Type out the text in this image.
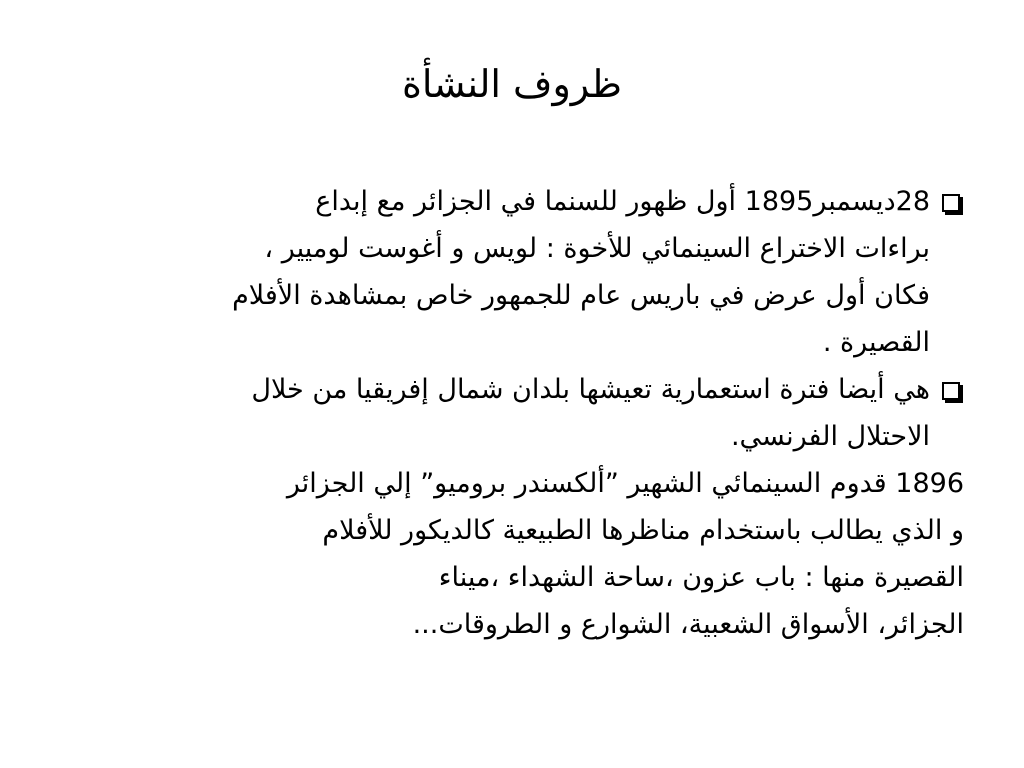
ظروف النشأة
28ديسمبر1895 أول ظهور للسنما في الجزائر مع إبداع
براءات الاختراع السينمائي للأخوة : لويس و أغوست لوميير ،
فكان أول عرض في باريس عام للجمهور خاص بمشاهدة الأفلام
القصيرة .
هي أيضا فترة استعمارية تعيشها بلدان شمال إفريقيا من خلال
الاحتلال الفرنسي.
1896 قدوم السينمائي الشهير ”ألكسندر بروميو” إلي الجزائر
و الذي يطالب باستخدام مناظرها الطبيعية كالديكور للأفلام
القصيرة منها : باب عزون ،ساحة الشهداء ،ميناء
الجزائر، الأسواق الشعبية، الشوارع و الطروقات...
